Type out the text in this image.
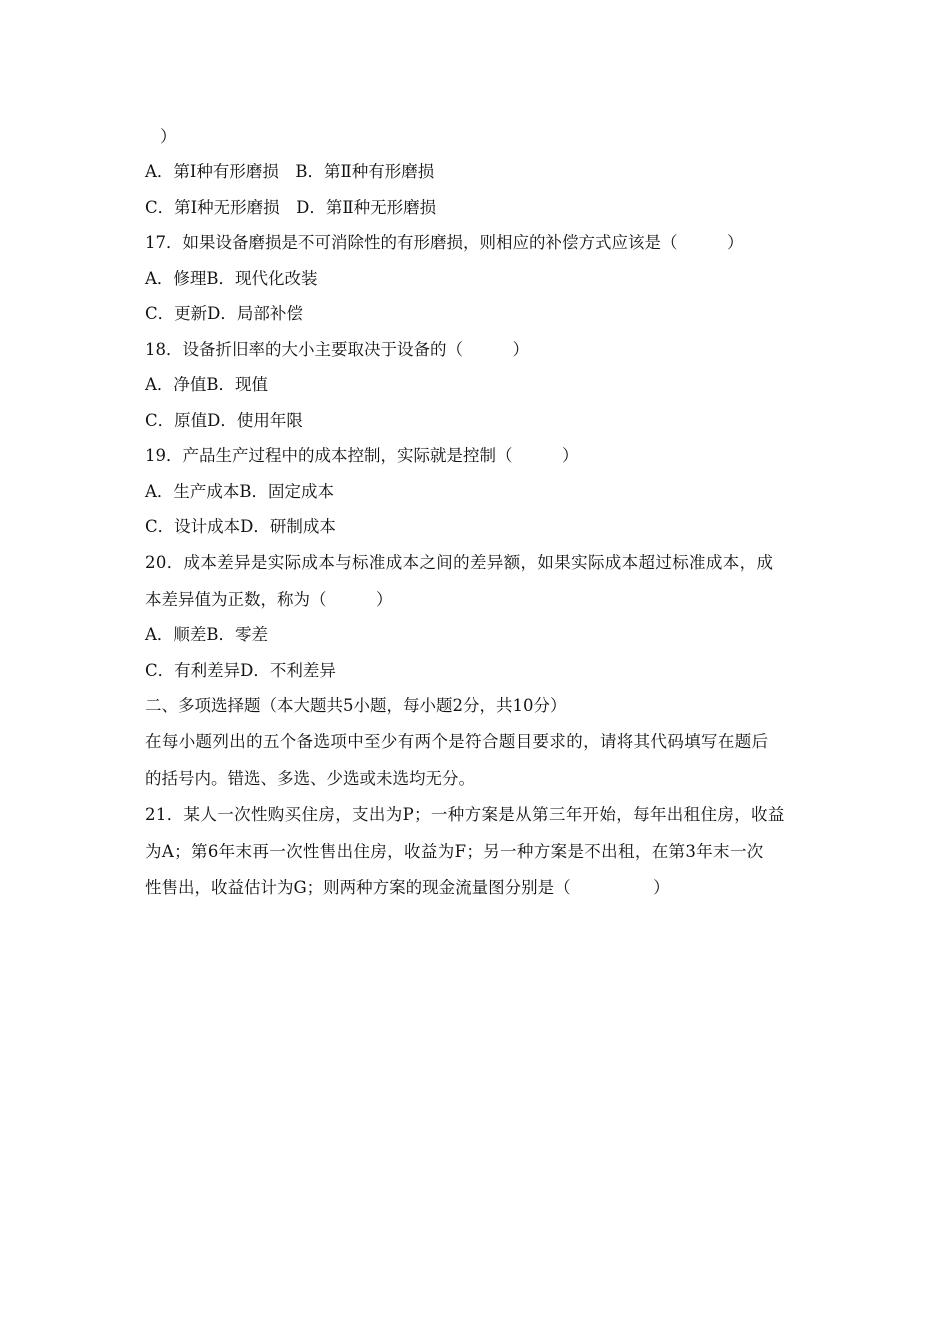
）
A．第Ⅰ种有形磨损　B．第Ⅱ种有形磨损
C．第Ⅰ种无形磨损　D．第Ⅱ种无形磨损
17．如果设备磨损是不可消除性的有形磨损，则相应的补偿方式应该是（　　　）
A．修理B．现代化改装
C．更新D．局部补偿
18．设备折旧率的大小主要取决于设备的（　　　）
A．净值B．现值
C．原值D．使用年限
19．产品生产过程中的成本控制，实际就是控制（　　　）
A．生产成本B．固定成本
C．设计成本D．研制成本
20．成本差异是实际成本与标准成本之间的差异额，如果实际成本超过标准成本，成
本差异值为正数，称为（　　　）
A．顺差B．零差
C．有利差异D．不利差异
二、多项选择题（本大题共5小题，每小题2分，共10分）
在每小题列出的五个备选项中至少有两个是符合题目要求的，请将其代码填写在题后
的括号内。错选、多选、少选或未选均无分。
21．某人一次性购买住房，支出为P；一种方案是从第三年开始，每年出租住房，收益
为A；第6年末再一次性售出住房，收益为F；另一种方案是不出租，在第3年末一次
性售出，收益估计为G；则两种方案的现金流量图分别是（　　　　　）
